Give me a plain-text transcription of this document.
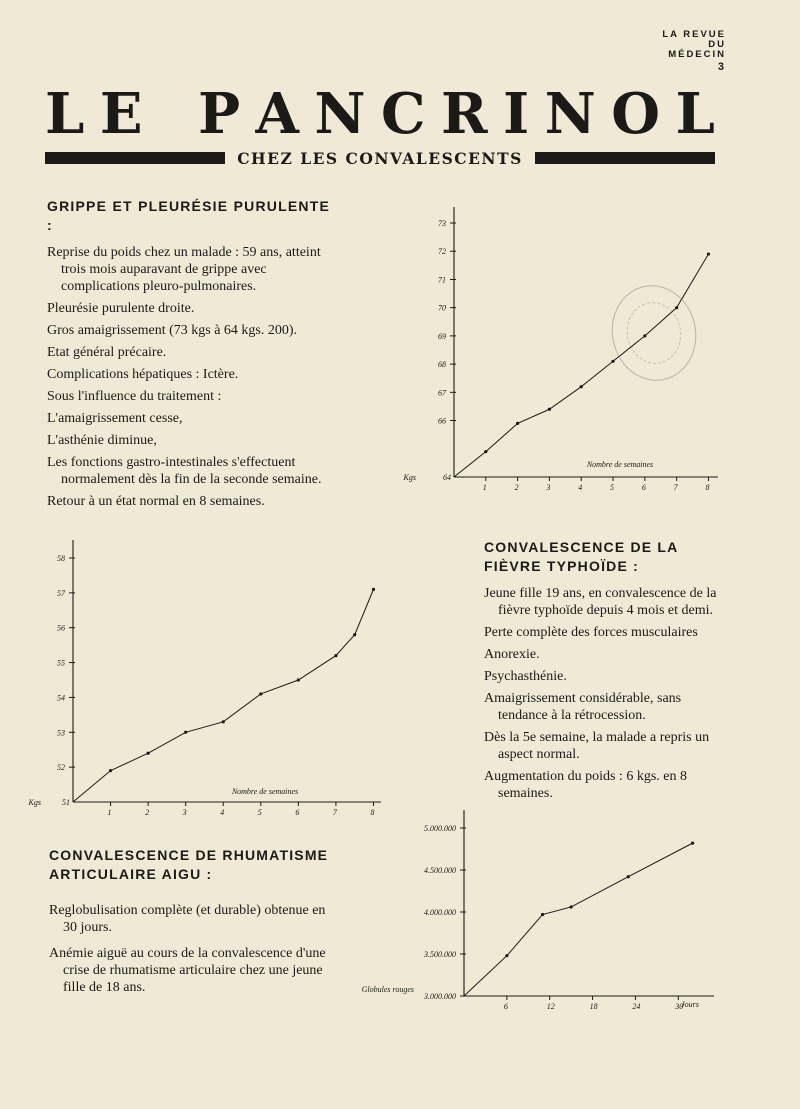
LA REVUE
DU
MÉDECIN
3
L E P A N C R I N O L
CHEZ LES CONVALESCENTS
GRIPPE ET PLEURÉSIE PURULENTE :

Reprise du poids chez un malade : 59 ans, atteint trois mois auparavant de grippe avec complications pleuro-pulmonaires.

Pleurésie purulente droite.

Gros amaigrissement (73 kgs à 64 kgs. 200).

Etat général précaire.

Complications hépatiques : Ictère.

Sous l'influence du traitement :

L'amaigrissement cesse,

L'asthénie diminue,

Les fonctions gastro-intestinales s'effectuent normalement dès la fin de la seconde semaine.

Retour à un état normal en 8 semaines.

CONVALESCENCE DE LA FIÈVRE TYPHOÏDE :

Jeune fille 19 ans, en convalescence de la fièvre typhoïde depuis 4 mois et demi.

Perte complète des forces musculaires

Anorexie.

Psychasthénie.

Amaigrissement considérable, sans tendance à la rétrocession.

Dès la 5e semaine, la malade a repris un aspect normal.

Augmentation du poids : 6 kgs. en 8 semaines.

CONVALESCENCE DE RHUMATISME ARTICULAIRE AIGU :

Reglobulisation complète (et durable) obtenue en 30 jours.

Anémie aiguë au cours de la convalescence d'une crise de rhumatisme articulaire chez une jeune fille de 18 ans.

1	2	3	4	5	6	7	8
64
66
67
68
69
70
71
72
73
Nombre de semaines
Kgs
1	2	3	4	5	6	7	8
51
52
53
54
55
56
57
58
Nombre de semaines
Kgs
6	12	18	24	30
3.000.000
3.500.000
4.000.000
4.500.000
5.000.000
Jours
Globules rouges
